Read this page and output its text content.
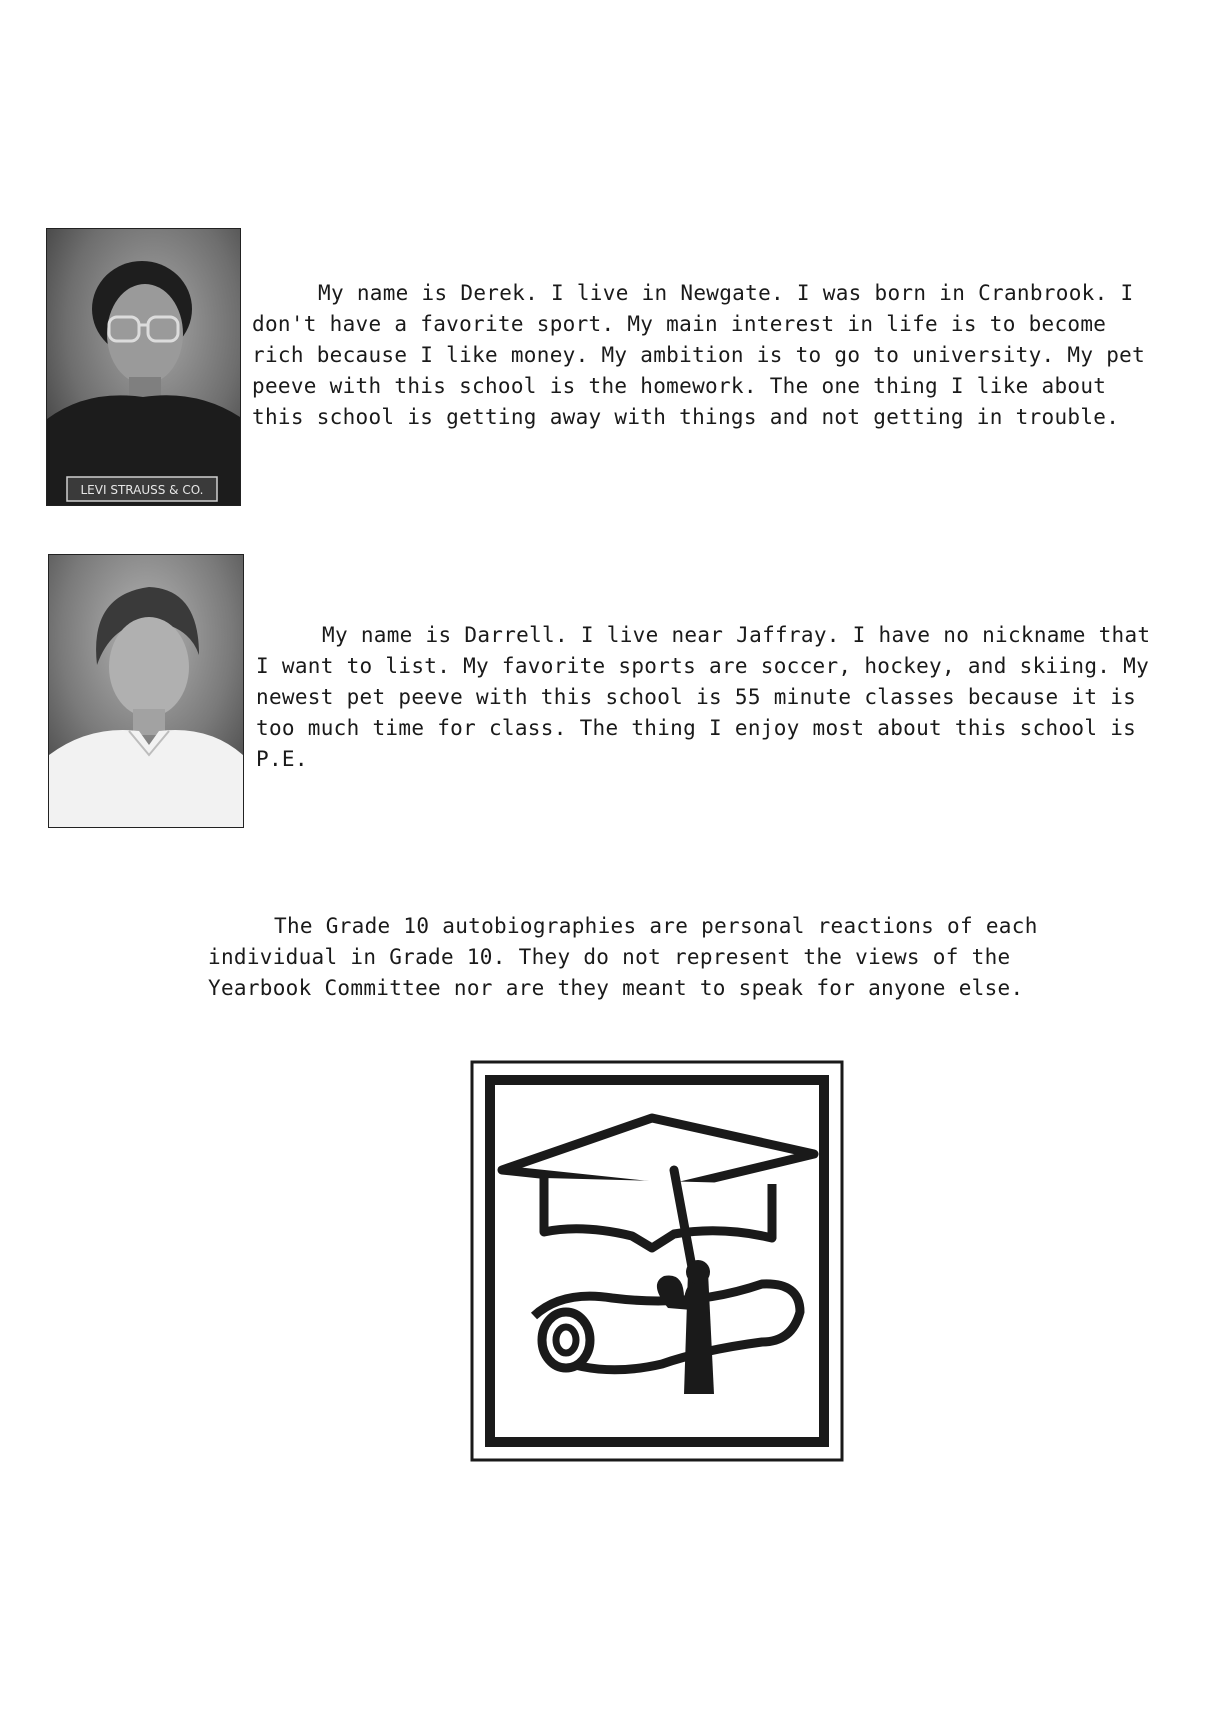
LEVI STRAUSS & CO.

My name is Derek. I live in Newgate. I was born in Cranbrook. I don't have a favorite sport. My main interest in life is to become rich because I like money. My ambition is to go to university. My pet peeve with this school is the homework. The one thing I like about this school is getting away with things and not getting in trouble.

My name is Darrell. I live near Jaffray. I have no nickname that I want to list. My favorite sports are soccer, hockey, and skiing. My newest pet peeve with this school is 55 minute classes because it is too much time for class. The thing I enjoy most about this school is P.E.

The Grade 10 autobiographies are personal reactions of each individual in Grade 10. They do not represent the views of the Yearbook Committee nor are they meant to speak for anyone else.
